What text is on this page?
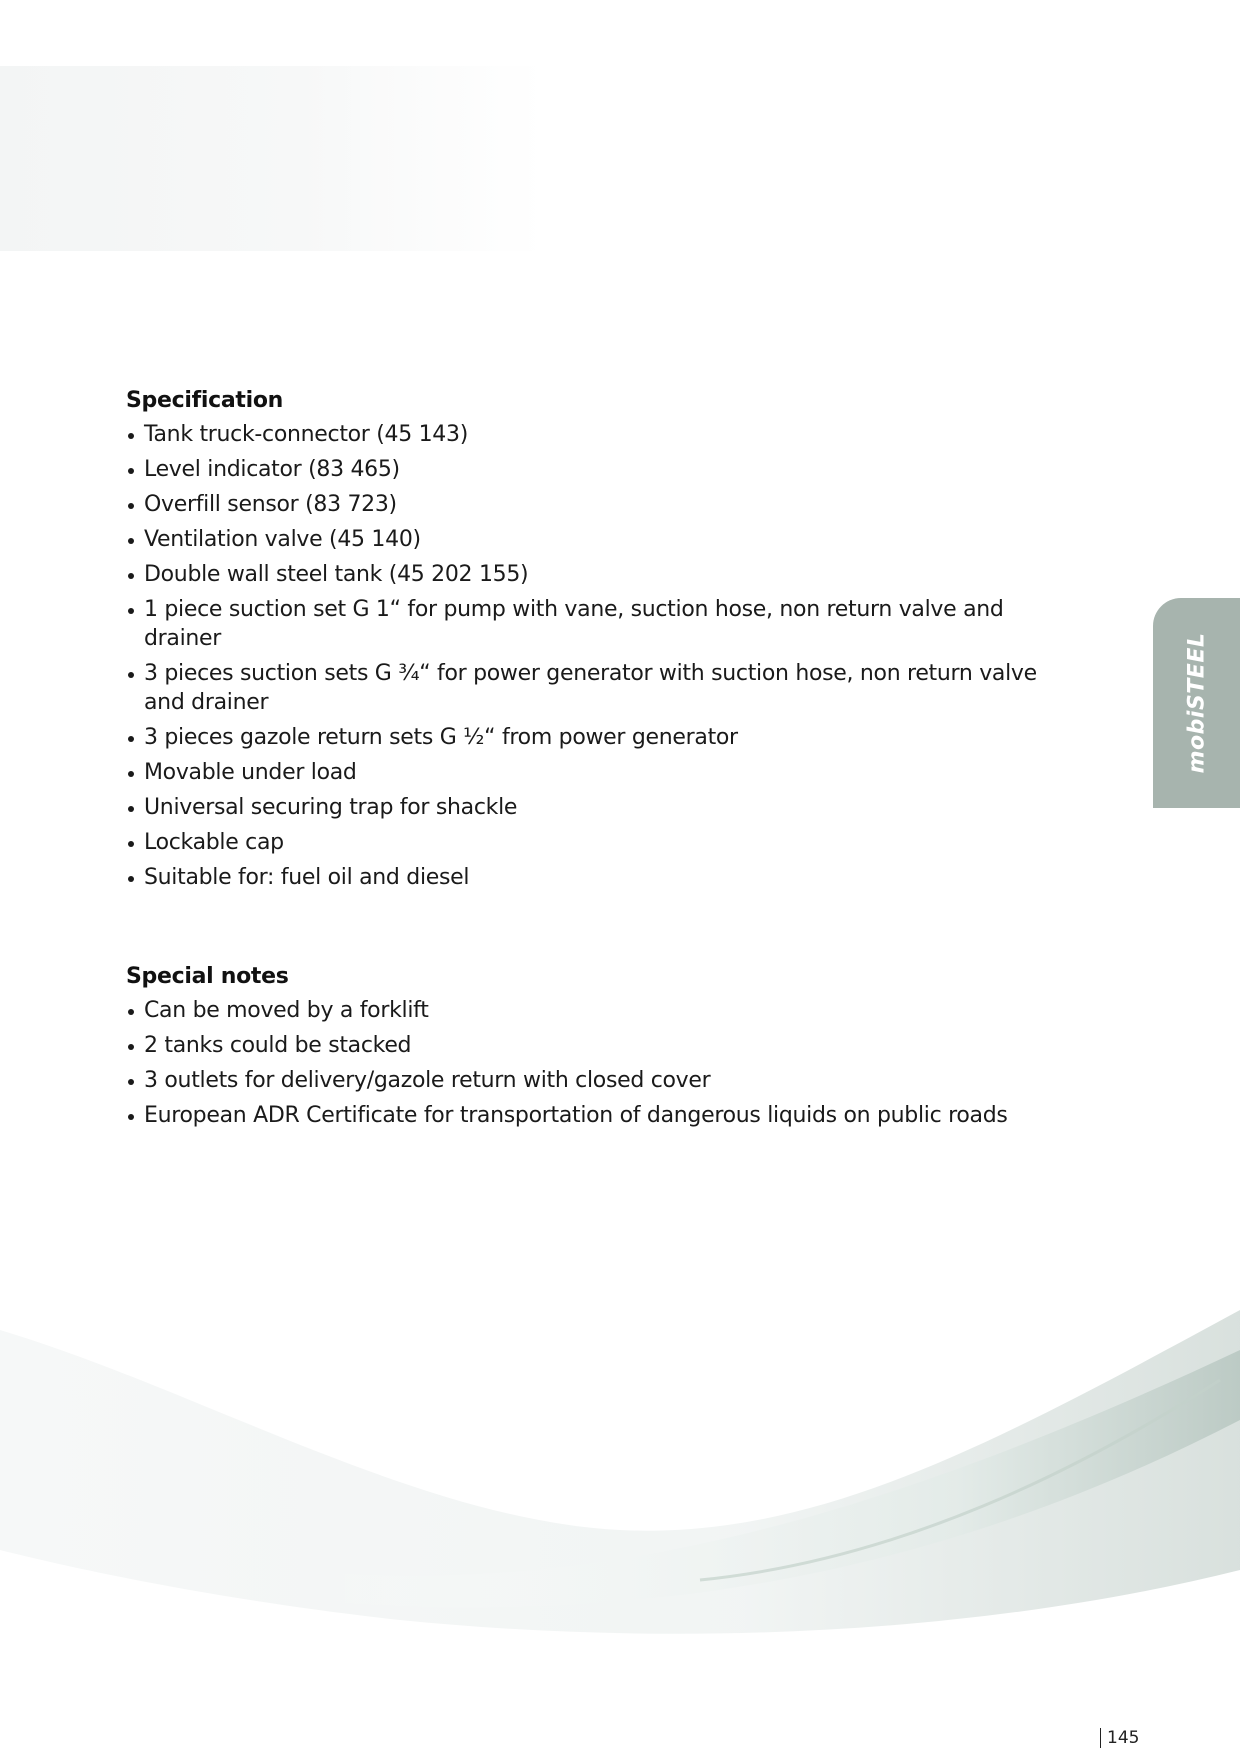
Specification
Tank truck-connector (45 143)
Level indicator (83 465)
Overfill sensor (83 723)
Ventilation valve (45 140)
Double wall steel tank (45 202 155)
1 piece suction set G 1“ for pump with vane, suction hose, non return valve and drainer
3 pieces suction sets G ¾“ for power generator with suction hose, non return valve and drainer
3 pieces gazole return sets G ½“ from power generator
Movable under load
Universal securing trap for shackle
Lockable cap
Suitable for: fuel oil and diesel
Special notes
Can be moved by a forklift
2 tanks could be stacked
3 outlets for delivery/gazole return with closed cover
European ADR Certificate for transportation of dangerous liquids on public roads
mobiSTEEL
145
